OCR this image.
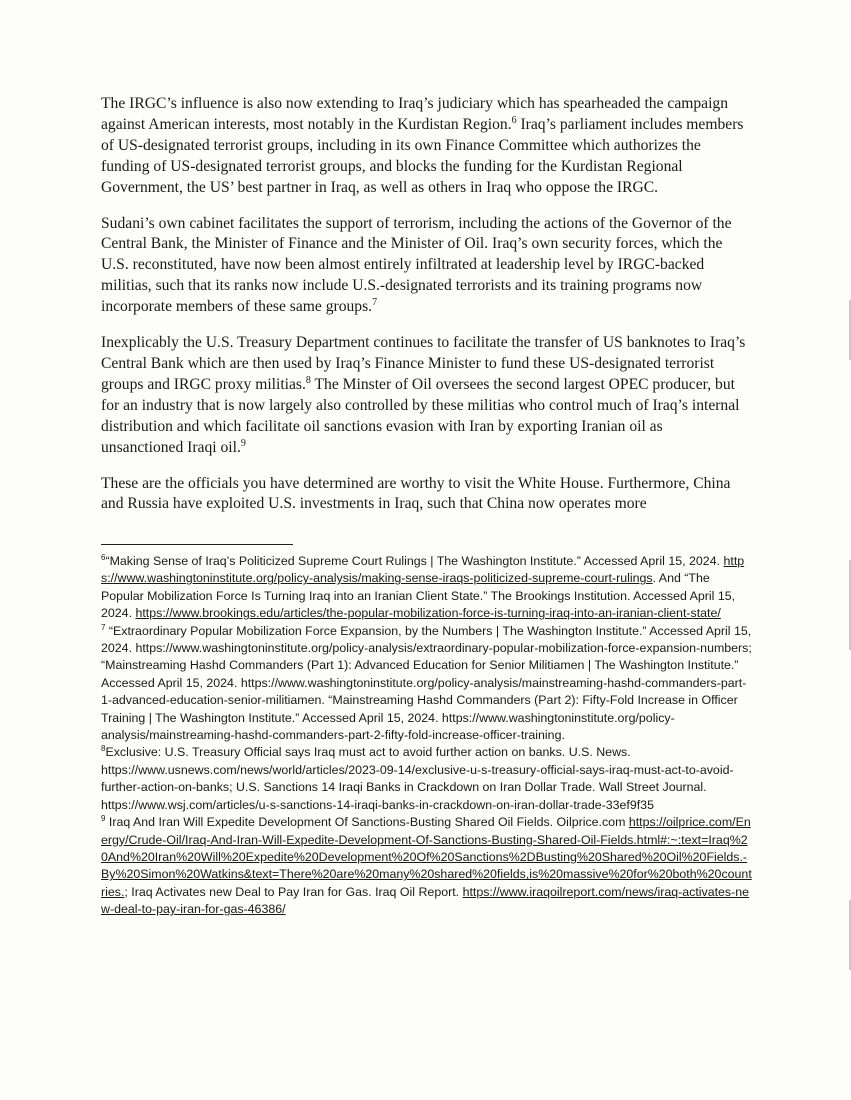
The IRGC’s influence is also now extending to Iraq’s judiciary which has spearheaded the campaign against American interests, most notably in the Kurdistan Region.$^6$ Iraq’s parliament includes members of US-designated terrorist groups, including in its own Finance Committee which authorizes the funding of US-designated terrorist groups, and blocks the funding for the Kurdistan Regional Government, the US’ best partner in Iraq, as well as others in Iraq who oppose the IRGC.

Sudani’s own cabinet facilitates the support of terrorism, including the actions of the Governor of the Central Bank, the Minister of Finance and the Minister of Oil. Iraq’s own security forces, which the U.S. reconstituted, have now been almost entirely infiltrated at leadership level by IRGC-backed militias, such that its ranks now include U.S.-designated terrorists and its training programs now incorporate members of these same groups.$^7$

Inexplicably the U.S. Treasury Department continues to facilitate the transfer of US banknotes to Iraq’s Central Bank which are then used by Iraq’s Finance Minister to fund these US-designated terrorist groups and IRGC proxy militias.$^8$ The Minster of Oil oversees the second largest OPEC producer, but for an industry that is now largely also controlled by these militias who control much of Iraq’s internal distribution and which facilitate oil sanctions evasion with Iran by exporting Iranian oil as unsanctioned Iraqi oil.$^9$

These are the officials you have determined are worthy to visit the White House. Furthermore, China and Russia have exploited U.S. investments in Iraq, such that China now operates more

$^6$“Making Sense of Iraq’s Politicized Supreme Court Rulings | The Washington Institute.” Accessed April 15, 2024. https://www.washingtoninstitute.org/policy-analysis/making-sense-iraqs-politicized-supreme-court-rulings. And “The Popular Mobilization Force Is Turning Iraq into an Iranian Client State.” The Brookings Institution. Accessed April 15, 2024. https://www.brookings.edu/articles/the-popular-mobilization-force-is-turning-iraq-into-an-iranian-client-state/
$^7$ “Extraordinary Popular Mobilization Force Expansion, by the Numbers | The Washington Institute.” Accessed April 15, 2024. https://www.washingtoninstitute.org/policy-analysis/extraordinary-popular-mobilization-force-expansion-numbers; “Mainstreaming Hashd Commanders (Part 1): Advanced Education for Senior Militiamen | The Washington Institute.” Accessed April 15, 2024. https://www.washingtoninstitute.org/policy-analysis/mainstreaming-hashd-commanders-part-1-advanced-education-senior-militiamen. “Mainstreaming Hashd Commanders (Part 2): Fifty-Fold Increase in Officer Training | The Washington Institute.” Accessed April 15, 2024. https://www.washingtoninstitute.org/policy-analysis/mainstreaming-hashd-commanders-part-2-fifty-fold-increase-officer-training.
$^8$Exclusive: U.S. Treasury Official says Iraq must act to avoid further action on banks. U.S. News. https://www.usnews.com/news/world/articles/2023-09-14/exclusive-u-s-treasury-official-says-iraq-must-act-to-avoid-further-action-on-banks; U.S. Sanctions 14 Iraqi Banks in Crackdown on Iran Dollar Trade. Wall Street Journal. https://www.wsj.com/articles/u-s-sanctions-14-iraqi-banks-in-crackdown-on-iran-dollar-trade-33ef9f35
$^9$ Iraq And Iran Will Expedite Development Of Sanctions-Busting Shared Oil Fields. Oilprice.com https://oilprice.com/Energy/Crude-Oil/Iraq-And-Iran-Will-Expedite-Development-Of-Sanctions-Busting-Shared-Oil-Fields.html#:~:text=Iraq%20And%20Iran%20Will%20Expedite%20Development%20Of%20Sanctions%2DBusting%20Shared%20Oil%20Fields.-By%20Simon%20Watkins&text=There%20are%20many%20shared%20fields,is%20massive%20for%20both%20countries.; Iraq Activates new Deal to Pay Iran for Gas. Iraq Oil Report. https://www.iraqoilreport.com/news/iraq-activates-new-deal-to-pay-iran-for-gas-46386/
